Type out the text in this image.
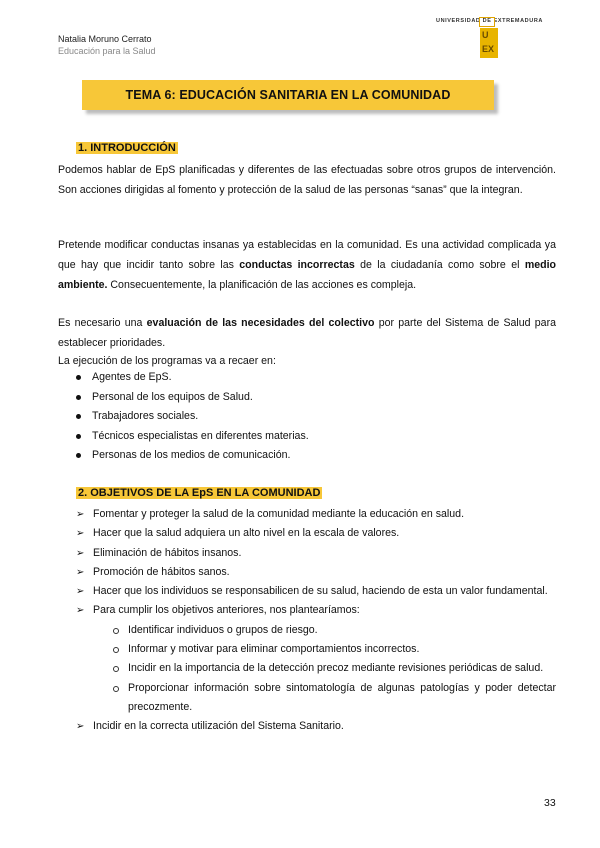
Natalia Moruno Cerrato
Educación para la Salud
UNIVERSIDAD DE EXTREMADURA
U
EX
TEMA 6: EDUCACIÓN SANITARIA EN LA COMUNIDAD
1. INTRODUCCIÓN
Podemos hablar de EpS planificadas y diferentes de las efectuadas sobre otros grupos de intervención. Son acciones dirigidas al fomento y protección de la salud de las personas “sanas” que la integran.
Pretende modificar conductas insanas ya establecidas en la comunidad. Es una actividad complicada ya que hay que incidir tanto sobre las conductas incorrectas de la ciudadanía como sobre el medio ambiente. Consecuentemente, la planificación de las acciones es compleja.
Es necesario una evaluación de las necesidades del colectivo por parte del Sistema de Salud para establecer prioridades.
La ejecución de los programas va a recaer en:
Agentes de EpS.
Personal de los equipos de Salud.
Trabajadores sociales.
Técnicos especialistas en diferentes materias.
Personas de los medios de comunicación.
2. OBJETIVOS DE LA EpS EN LA COMUNIDAD
➢ Fomentar y proteger la salud de la comunidad mediante la educación en salud.
➢ Hacer que la salud adquiera un alto nivel en la escala de valores.
➢ Eliminación de hábitos insanos.
➢ Promoción de hábitos sanos.
➢ Hacer que los individuos se responsabilicen de su salud, haciendo de esta un valor fundamental.
➢ Para cumplir los objetivos anteriores, nos plantearíamos:
Identificar individuos o grupos de riesgo.
Informar y motivar para eliminar comportamientos incorrectos.
Incidir en la importancia de la detección precoz mediante revisiones periódicas de salud.
Proporcionar información sobre sintomatología de algunas patologías y poder detectar precozmente.
➢ Incidir en la correcta utilización del Sistema Sanitario.
33
